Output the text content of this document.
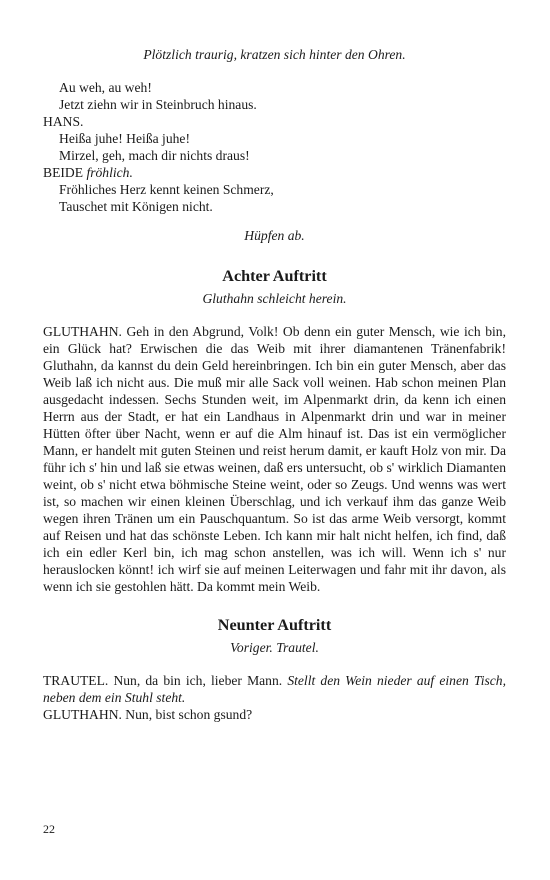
Plötzlich traurig, kratzen sich hinter den Ohren.
Au weh, au weh!
Jetzt ziehn wir in Steinbruch hinaus.
HANS.
Heißa juhe! Heißa juhe!
Mirzel, geh, mach dir nichts draus!
BEIDE fröhlich.
Fröhliches Herz kennt keinen Schmerz,
Tauschet mit Königen nicht.
Hüpfen ab.
Achter Auftritt
Gluthahn schleicht herein.
GLUTHAHN. Geh in den Abgrund, Volk! Ob denn ein guter Mensch, wie ich bin, ein Glück hat? Erwischen die das Weib mit ihrer diamantenen Tränenfabrik! Gluthahn, da kannst du dein Geld hereinbringen. Ich bin ein guter Mensch, aber das Weib laß ich nicht aus. Die muß mir alle Sack voll weinen. Hab schon meinen Plan ausgedacht indessen. Sechs Stunden weit, im Alpenmarkt drin, da kenn ich einen Herrn aus der Stadt, er hat ein Landhaus in Alpenmarkt drin und war in meiner Hütten öfter über Nacht, wenn er auf die Alm hinauf ist. Das ist ein vermöglicher Mann, er handelt mit guten Steinen und reist herum damit, er kauft Holz von mir. Da führ ich s' hin und laß sie etwas weinen, daß ers untersucht, ob s' wirklich Diamanten weint, ob s' nicht etwa böhmische Steine weint, oder so Zeugs. Und wenns was wert ist, so machen wir einen kleinen Überschlag, und ich verkauf ihm das ganze Weib wegen ihren Tränen um ein Pauschquantum. So ist das arme Weib versorgt, kommt auf Reisen und hat das schönste Leben. Ich kann mir halt nicht helfen, ich find, daß ich ein edler Kerl bin, ich mag schon anstellen, was ich will. Wenn ich s' nur herauslocken könnt! ich wirf sie auf meinen Leiterwagen und fahr mit ihr davon, als wenn ich sie gestohlen hätt. Da kommt mein Weib.
Neunter Auftritt
Voriger. Trautel.
TRAUTEL. Nun, da bin ich, lieber Mann. Stellt den Wein nieder auf einen Tisch, neben dem ein Stuhl steht.
GLUTHAHN. Nun, bist schon gsund?
22
